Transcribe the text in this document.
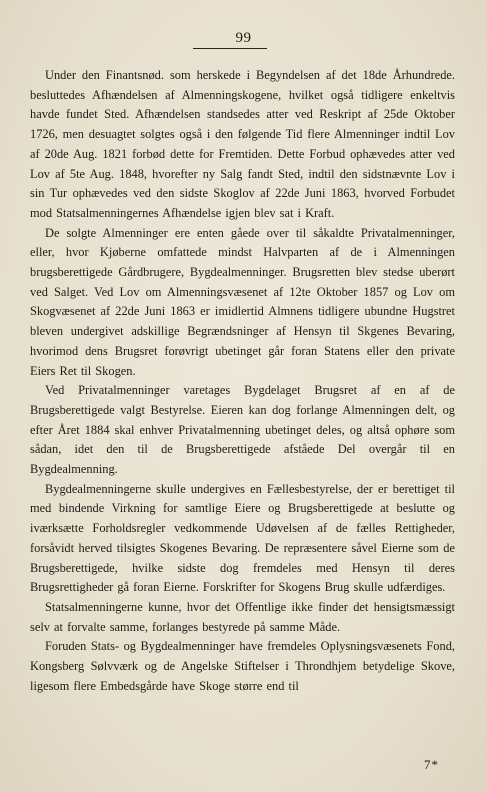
99

Under den Finantsnød. som herskede i Begyndelsen af det 18de Århundrede. besluttedes Afhændelsen af Almenningskogene, hvilket også tidligere enkeltvis havde fundet Sted. Afhændelsen standsedes atter ved Reskript af 25de Oktober 1726, men desuagtet solgtes også i den følgende Tid flere Almenninger indtil Lov af 20de Aug. 1821 forbød dette for Fremtiden. Dette Forbud ophævedes atter ved Lov af 5te Aug. 1848, hvorefter ny Salg fandt Sted, indtil den sidstnævnte Lov i sin Tur ophævedes ved den sidste Skoglov af 22de Juni 1863, hvorved Forbudet mod Statsalmenningernes Afhændelse igjen blev sat i Kraft.

De solgte Almenninger ere enten gåede over til såkaldte Privatalmenninger, eller, hvor Kjøberne omfattede mindst Halvparten af de i Almenningen brugsberettigede Gårdbrugere, Bygdealmenninger. Brugsretten blev stedse uberørt ved Salget. Ved Lov om Almenningsvæsenet af 12te Oktober 1857 og Lov om Skogvæsenet af 22de Juni 1863 er imidlertid Almnens tidligere ubundne Hugstret bleven undergivet adskillige Begrændsninger af Hensyn til Skgenes Bevaring, hvorimod dens Brugsret forøvrigt ubetinget går foran Statens eller den private Eiers Ret til Skogen.

Ved Privatalmenninger varetages Bygdelaget Brugsret af en af de Brugsberettigede valgt Bestyrelse. Eieren kan dog forlange Almenningen delt, og efter Året 1884 skal enhver Privatalmenning ubetinget deles, og altså ophøre som sådan, idet den til de Brugsberettigede afståede Del overgår til en Bygdealmenning.

Bygdealmenningerne skulle undergives en Fællesbestyrelse, der er berettiget til med bindende Virkning for samtlige Eiere og Brugsberettigede at beslutte og iværksætte Forholdsregler vedkommende Udøvelsen af de fælles Rettigheder, forsåvidt herved tilsigtes Skogenes Bevaring. De repræsentere såvel Eierne som de Brugsberettigede, hvilke sidste dog fremdeles med Hensyn til deres Brugsrettigheder gå foran Eierne. Forskrifter for Skogens Brug skulle udfærdiges.

Statsalmenningerne kunne, hvor det Offentlige ikke finder det hensigtsmæssigt selv at forvalte samme, forlanges bestyrede på samme Måde.

Foruden Stats- og Bygdealmenninger have fremdeles Oplysningsvæsenets Fond, Kongsberg Sølvværk og de Angelske Stiftelser i Throndhjem betydelige Skove, ligesom flere Embedsgårde have Skoge større end til

7*
